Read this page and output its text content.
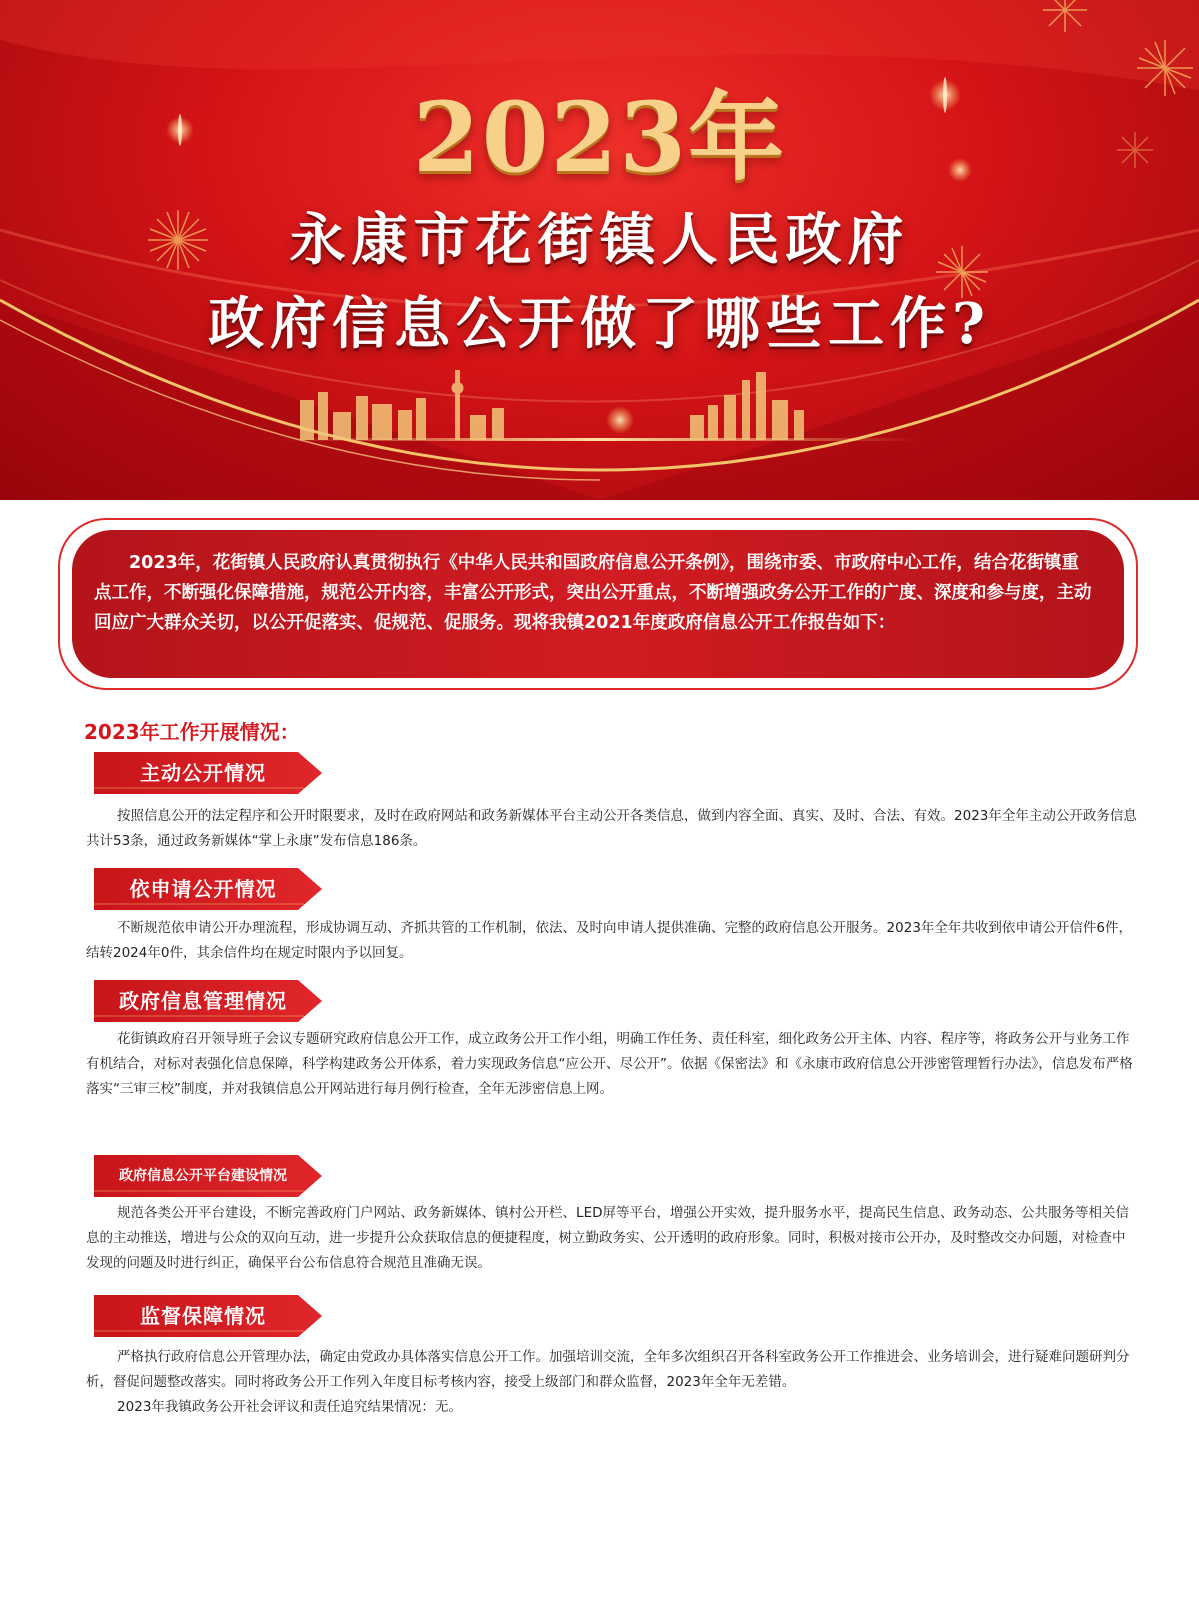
2023年
永康市花街镇人民政府
政府信息公开做了哪些工作?

2023年，花街镇人民政府认真贯彻执行《中华人民共和国政府信息公开条例》，围绕市委、市政府中心工作，结合花街镇重点工作，不断强化保障措施，规范公开内容，丰富公开形式，突出公开重点，不断增强政务公开工作的广度、深度和参与度，主动回应广大群众关切，以公开促落实、促规范、促服务。现将我镇2021年度政府信息公开工作报告如下：

2023年工作开展情况：
主动公开情况

按照信息公开的法定程序和公开时限要求，及时在政府网站和政务新媒体平台主动公开各类信息，做到内容全面、真实、及时、合法、有效。2023年全年主动公开政务信息共计53条，通过政务新媒体“掌上永康”发布信息186条。

依申请公开情况

不断规范依申请公开办理流程，形成协调互动、齐抓共管的工作机制，依法、及时向申请人提供准确、完整的政府信息公开服务。2023年全年共收到依申请公开信件6件，结转2024年0件，其余信件均在规定时限内予以回复。

政府信息管理情况

花街镇政府召开领导班子会议专题研究政府信息公开工作，成立政务公开工作小组，明确工作任务、责任科室，细化政务公开主体、内容、程序等，将政务公开与业务工作有机结合，对标对表强化信息保障，科学构建政务公开体系，着力实现政务信息“应公开、尽公开”。依据《保密法》和《永康市政府信息公开涉密管理暂行办法》，信息发布严格落实“三审三校”制度，并对我镇信息公开网站进行每月例行检查，全年无涉密信息上网。

政府信息公开平台建设情况

规范各类公开平台建设，不断完善政府门户网站、政务新媒体、镇村公开栏、LED屏等平台，增强公开实效，提升服务水平，提高民生信息、政务动态、公共服务等相关信息的主动推送，增进与公众的双向互动，进一步提升公众获取信息的便捷程度，树立勤政务实、公开透明的政府形象。同时，积极对接市公开办，及时整改交办问题，对检查中发现的问题及时进行纠正，确保平台公布信息符合规范且准确无误。

监督保障情况

严格执行政府信息公开管理办法，确定由党政办具体落实信息公开工作。加强培训交流，全年多次组织召开各科室政务公开工作推进会、业务培训会，进行疑难问题研判分析，督促问题整改落实。同时将政务公开工作列入年度目标考核内容，接受上级部门和群众监督，2023年全年无差错。

2023年我镇政务公开社会评议和责任追究结果情况：无。
